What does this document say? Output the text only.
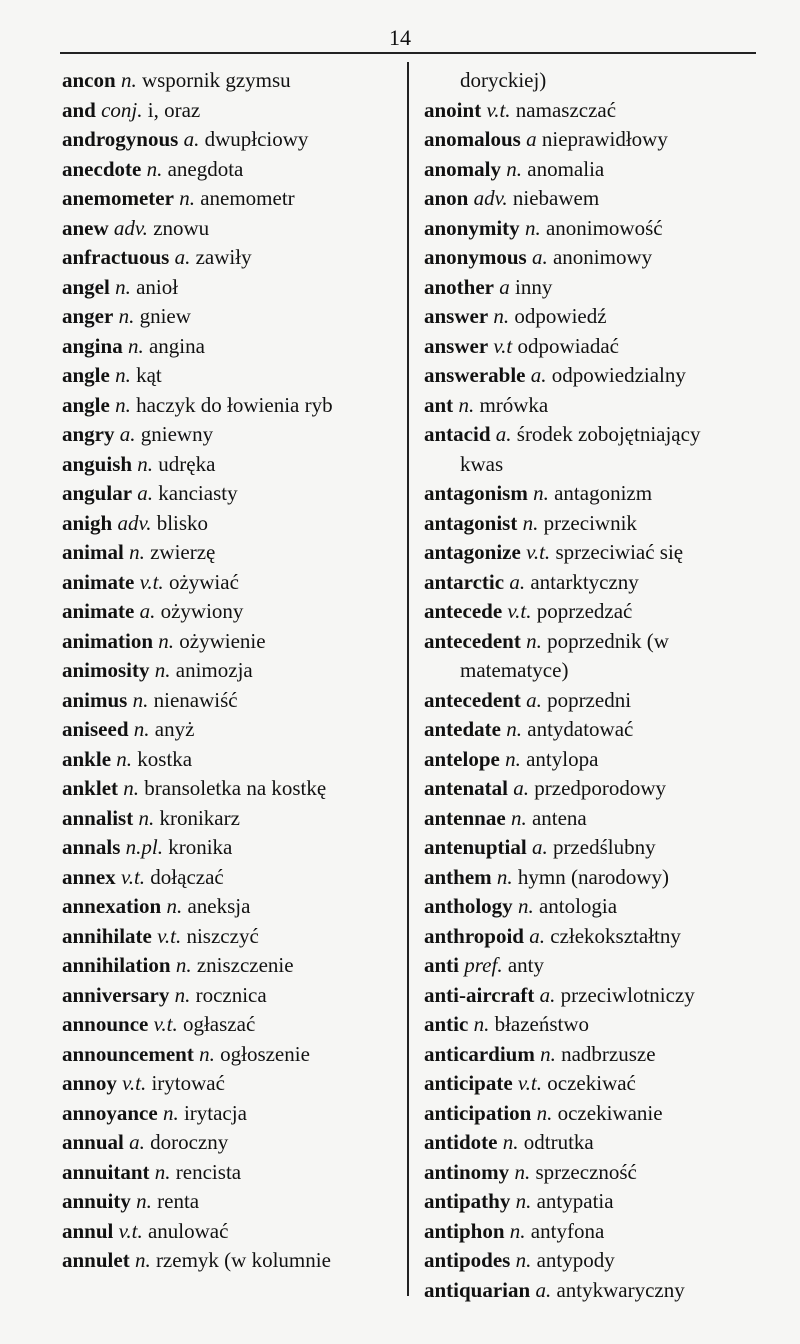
14
ancon n. wspornik gzymsu
and conj. i, oraz
androgynous a. dwupłciowy
anecdote n. anegdota
anemometer n. anemometr
anew adv. znowu
anfractuous a. zawiły
angel n. anioł
anger n. gniew
angina n. angina
angle n. kąt
angle n. haczyk do łowienia ryb
angry a. gniewny
anguish n. udręka
angular a. kanciasty
anigh adv. blisko
animal n. zwierzę
animate v.t. ożywiać
animate a. ożywiony
animation n. ożywienie
animosity n. animozja
animus n. nienawiść
aniseed n. anyż
ankle n. kostka
anklet n. bransoletka na kostkę
annalist n. kronikarz
annals n.pl. kronika
annex v.t. dołączać
annexation n. aneksja
annihilate v.t. niszczyć
annihilation n. zniszczenie
anniversary n. rocznica
announce v.t. ogłaszać
announcement n. ogłoszenie
annoy v.t. irytować
annoyance n. irytacja
annual a. doroczny
annuitant n. rencista
annuity n. renta
annul v.t. anulować
annulet n. rzemyk (w kolumnie
doryckiej)
anoint v.t. namaszczać
anomalous a nieprawidłowy
anomaly n. anomalia
anon adv. niebawem
anonymity n. anonimowość
anonymous a. anonimowy
another a inny
answer n. odpowiedź
answer v.t odpowiadać
answerable a. odpowiedzialny
ant n. mrówka
antacid a. środek zobojętniający
kwas
antagonism n. antagonizm
antagonist n. przeciwnik
antagonize v.t. sprzeciwiać się
antarctic a. antarktyczny
antecede v.t. poprzedzać
antecedent n. poprzednik (w
matematyce)
antecedent a. poprzedni
antedate n. antydatować
antelope n. antylopa
antenatal a. przedporodowy
antennae n. antena
antenuptial a. przedślubny
anthem n. hymn (narodowy)
anthology n. antologia
anthropoid a. człekokształtny
anti pref. anty
anti-aircraft a. przeciwlotniczy
antic n. błazeństwo
anticardium n. nadbrzusze
anticipate v.t. oczekiwać
anticipation n. oczekiwanie
antidote n. odtrutka
antinomy n. sprzeczność
antipathy n. antypatia
antiphon n. antyfona
antipodes n. antypody
antiquarian a. antykwaryczny
